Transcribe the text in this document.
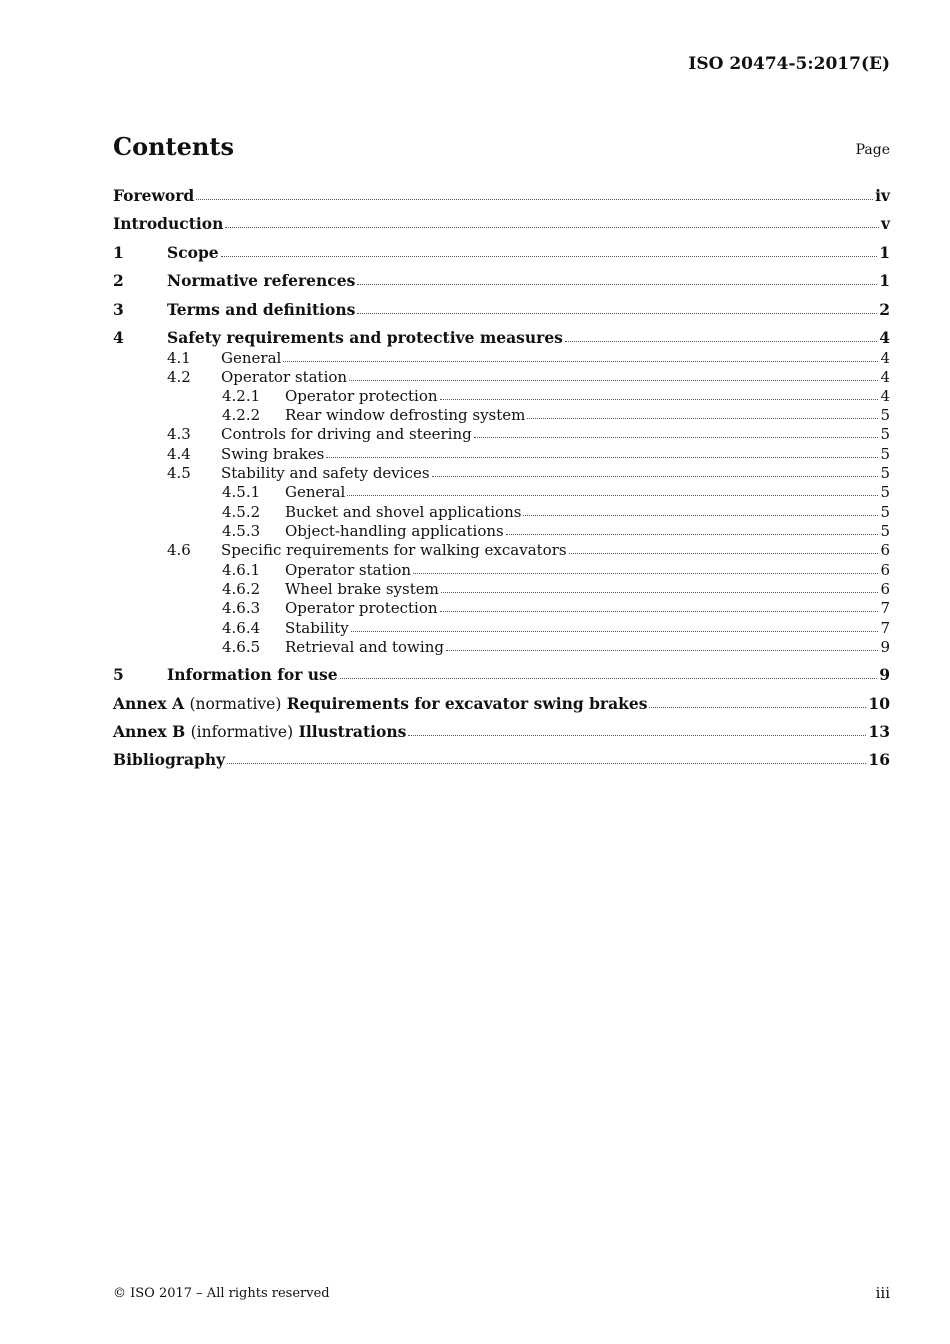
ISO 20474-5:2017(E)
Contents	Page
Foreword	iv
Introduction	v
1	Scope	1
2	Normative references	1
3	Terms and definitions	2
4	Safety requirements and protective measures	4
4.1	General	4
4.2	Operator station	4
4.2.1	Operator protection	4
4.2.2	Rear window defrosting system	5
4.3	Controls for driving and steering	5
4.4	Swing brakes	5
4.5	Stability and safety devices	5
4.5.1	General	5
4.5.2	Bucket and shovel applications	5
4.5.3	Object-handling applications	5
4.6	Specific requirements for walking excavators	6
4.6.1	Operator station	6
4.6.2	Wheel brake system	6
4.6.3	Operator protection	7
4.6.4	Stability	7
4.6.5	Retrieval and towing	9
5	Information for use	9
Annex A (normative) Requirements for excavator swing brakes	10
Annex B (informative) Illustrations	13
Bibliography	16
© ISO 2017 – All rights reserved	iii
